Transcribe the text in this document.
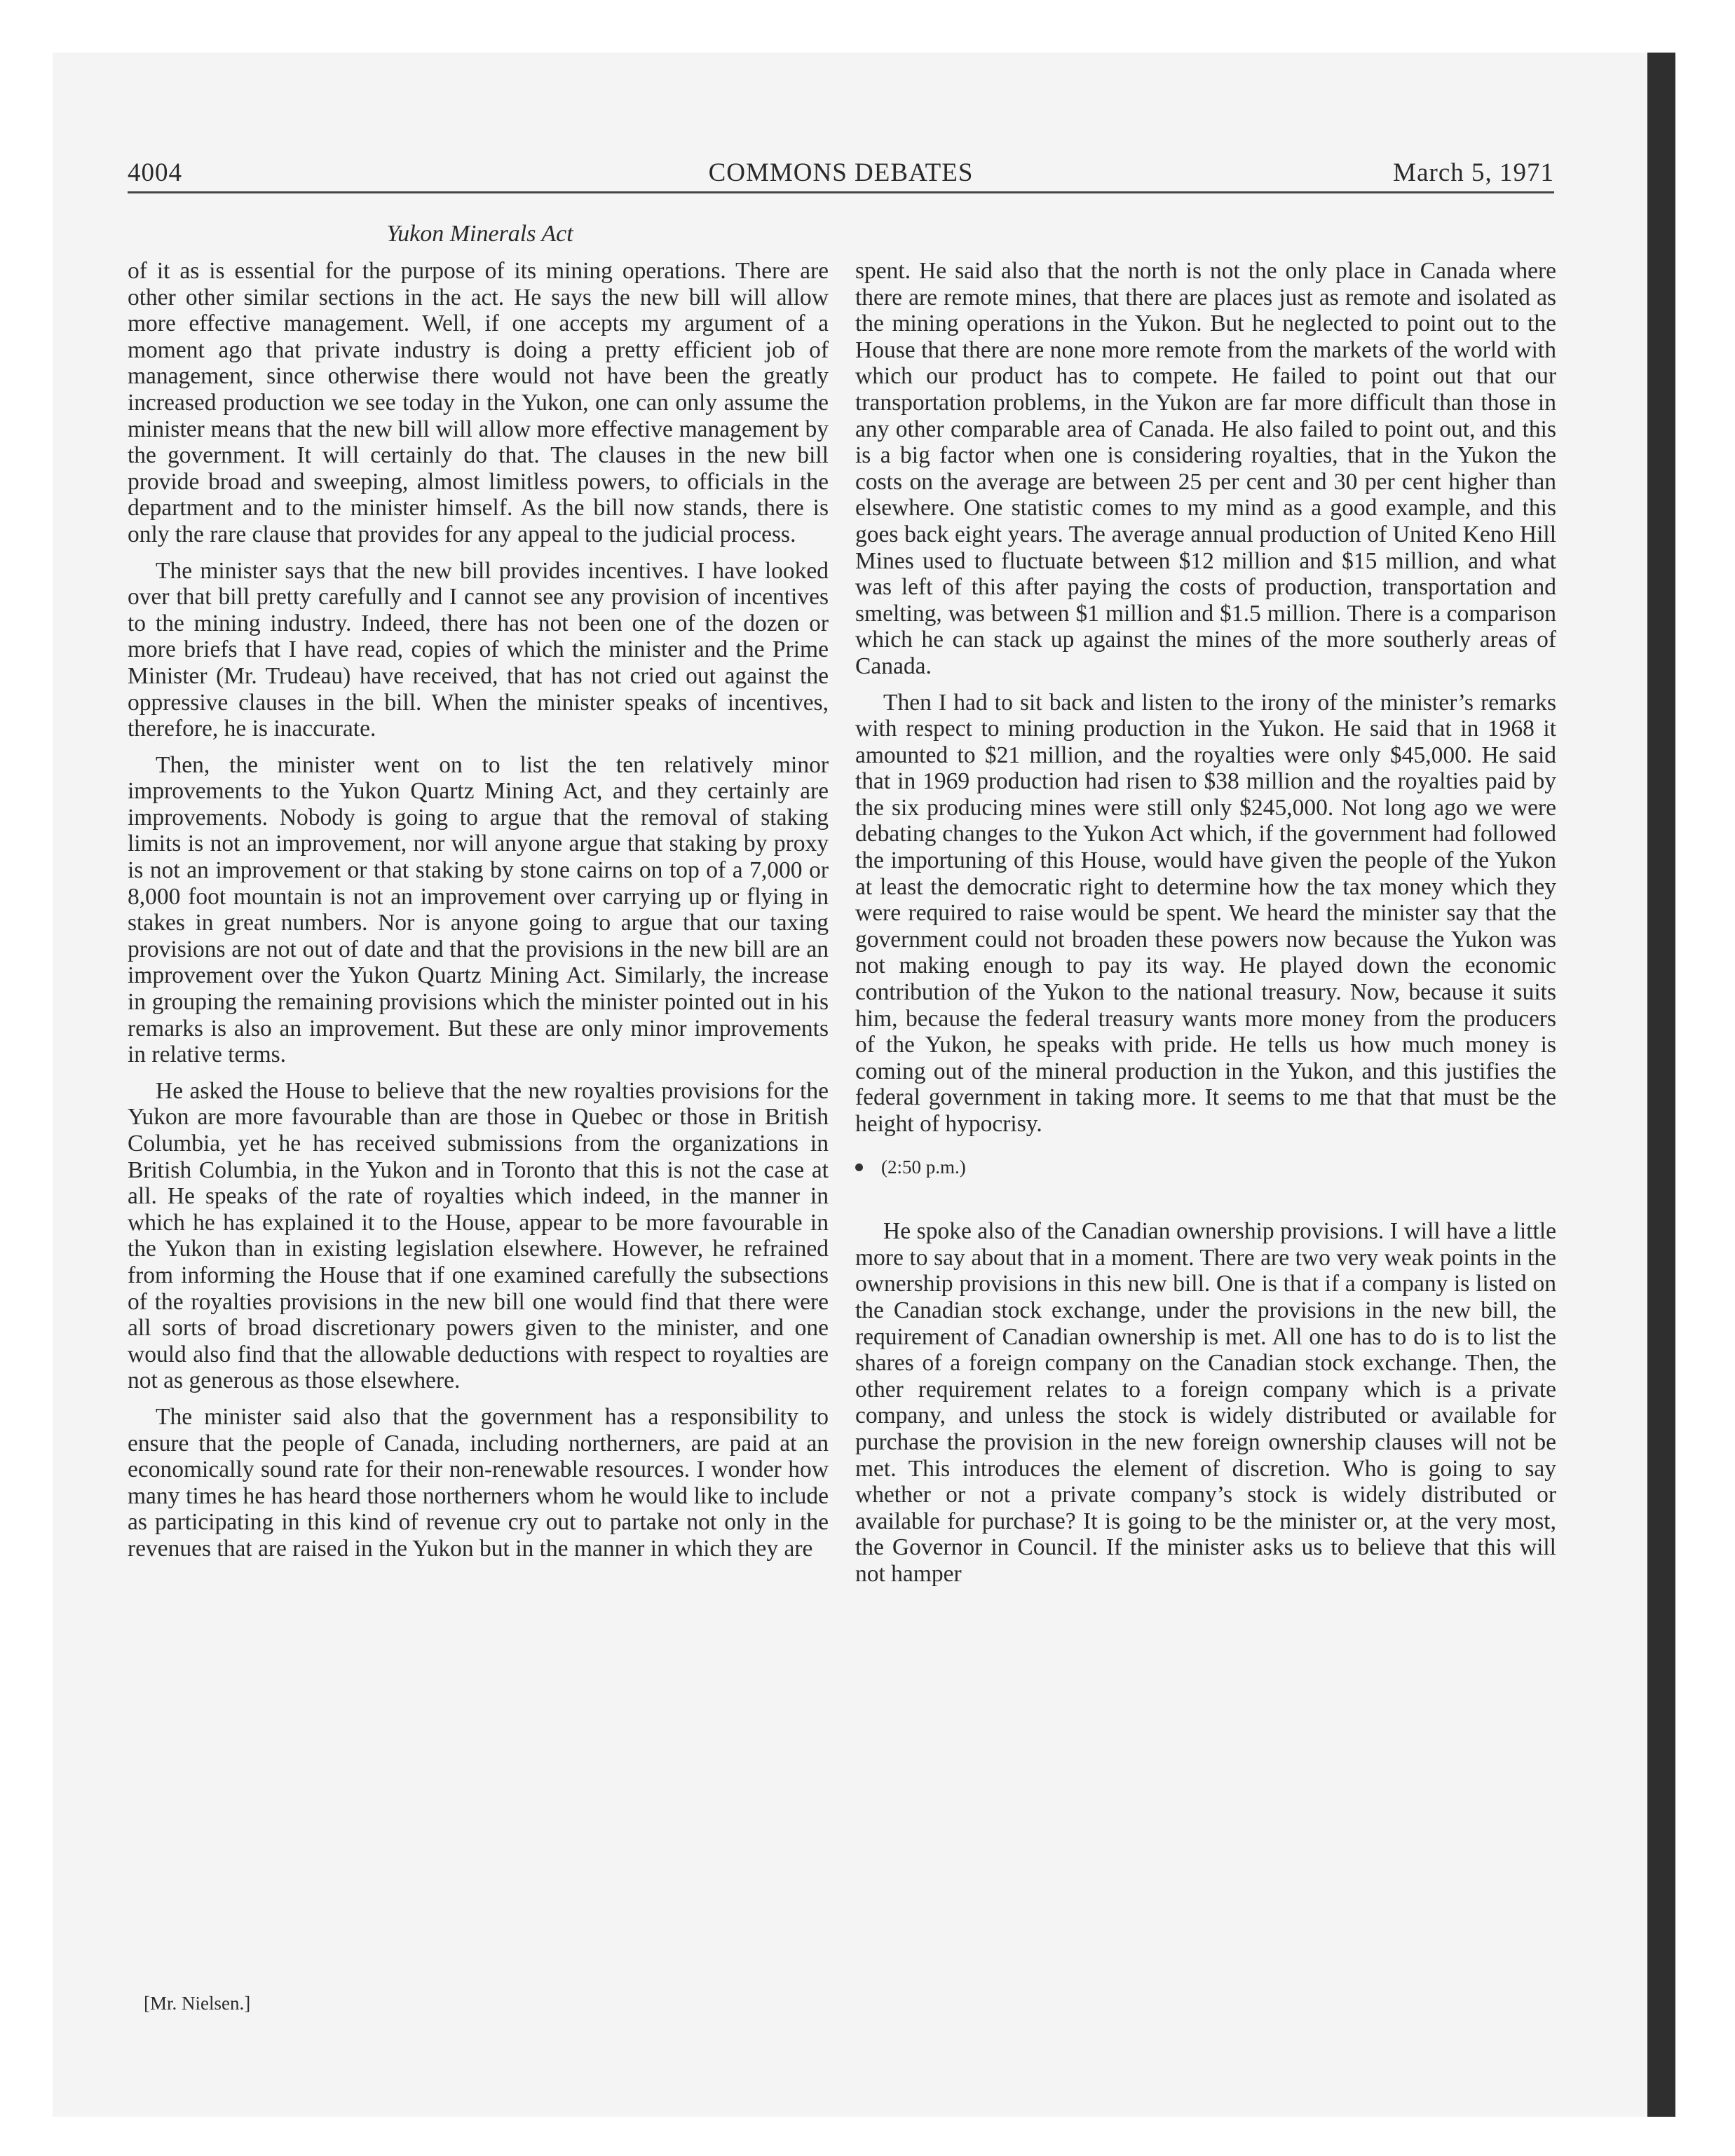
4004	COMMONS DEBATES	March 5, 1971
Yukon Minerals Act

of it as is essential for the purpose of its mining operations. There are other other similar sections in the act. He says the new bill will allow more effective management. Well, if one accepts my argument of a moment ago that private industry is doing a pretty efficient job of management, since otherwise there would not have been the greatly increased production we see today in the Yukon, one can only assume the minister means that the new bill will allow more effective management by the government. It will certainly do that. The clauses in the new bill provide broad and sweeping, almost limitless powers, to officials in the department and to the minister himself. As the bill now stands, there is only the rare clause that provides for any appeal to the judicial process.

The minister says that the new bill provides incentives. I have looked over that bill pretty carefully and I cannot see any provision of incentives to the mining industry. Indeed, there has not been one of the dozen or more briefs that I have read, copies of which the minister and the Prime Minister (Mr. Trudeau) have received, that has not cried out against the oppressive clauses in the bill. When the minister speaks of incentives, therefore, he is inaccurate.

Then, the minister went on to list the ten relatively minor improvements to the Yukon Quartz Mining Act, and they certainly are improvements. Nobody is going to argue that the removal of staking limits is not an improvement, nor will anyone argue that staking by proxy is not an improvement or that staking by stone cairns on top of a 7,000 or 8,000 foot mountain is not an improvement over carrying up or flying in stakes in great numbers. Nor is anyone going to argue that our taxing provisions are not out of date and that the provisions in the new bill are an improvement over the Yukon Quartz Mining Act. Similarly, the increase in grouping the remaining provisions which the minister pointed out in his remarks is also an improvement. But these are only minor improvements in relative terms.

He asked the House to believe that the new royalties provisions for the Yukon are more favourable than are those in Quebec or those in British Columbia, yet he has received submissions from the organizations in British Columbia, in the Yukon and in Toronto that this is not the case at all. He speaks of the rate of royalties which indeed, in the manner in which he has explained it to the House, appear to be more favourable in the Yukon than in existing legislation elsewhere. However, he refrained from informing the House that if one examined carefully the subsections of the royalties provisions in the new bill one would find that there were all sorts of broad discretionary powers given to the minister, and one would also find that the allowable deductions with respect to royalties are not as generous as those elsewhere.

The minister said also that the government has a responsibility to ensure that the people of Canada, including northerners, are paid at an economically sound rate for their non-renewable resources. I wonder how many times he has heard those northerners whom he would like to include as participating in this kind of revenue cry out to partake not only in the revenues that are raised in the Yukon but in the manner in which they are

spent. He said also that the north is not the only place in Canada where there are remote mines, that there are places just as remote and isolated as the mining operations in the Yukon. But he neglected to point out to the House that there are none more remote from the markets of the world with which our product has to compete. He failed to point out that our transportation problems, in the Yukon are far more difficult than those in any other comparable area of Canada. He also failed to point out, and this is a big factor when one is considering royalties, that in the Yukon the costs on the average are between 25 per cent and 30 per cent higher than elsewhere. One statistic comes to my mind as a good example, and this goes back eight years. The average annual production of United Keno Hill Mines used to fluctuate between $12 million and $15 million, and what was left of this after paying the costs of production, transportation and smelting, was between $1 million and $1.5 million. There is a comparison which he can stack up against the mines of the more southerly areas of Canada.

Then I had to sit back and listen to the irony of the minister’s remarks with respect to mining production in the Yukon. He said that in 1968 it amounted to $21 million, and the royalties were only $45,000. He said that in 1969 production had risen to $38 million and the royalties paid by the six producing mines were still only $245,000. Not long ago we were debating changes to the Yukon Act which, if the government had followed the importuning of this House, would have given the people of the Yukon at least the democratic right to determine how the tax money which they were required to raise would be spent. We heard the minister say that the government could not broaden these powers now because the Yukon was not making enough to pay its way. He played down the economic contribution of the Yukon to the national treasury. Now, because it suits him, because the federal treasury wants more money from the producers of the Yukon, he speaks with pride. He tells us how much money is coming out of the mineral production in the Yukon, and this justifies the federal government in taking more. It seems to me that that must be the height of hypocrisy.

(2:50 p.m.)

He spoke also of the Canadian ownership provisions. I will have a little more to say about that in a moment. There are two very weak points in the ownership provisions in this new bill. One is that if a company is listed on the Canadian stock exchange, under the provisions in the new bill, the requirement of Canadian ownership is met. All one has to do is to list the shares of a foreign company on the Canadian stock exchange. Then, the other requirement relates to a foreign company which is a private company, and unless the stock is widely distributed or available for purchase the provision in the new foreign ownership clauses will not be met. This introduces the element of discretion. Who is going to say whether or not a private company’s stock is widely distributed or available for purchase? It is going to be the minister or, at the very most, the Governor in Council. If the minister asks us to believe that this will not hamper

[Mr. Nielsen.]
